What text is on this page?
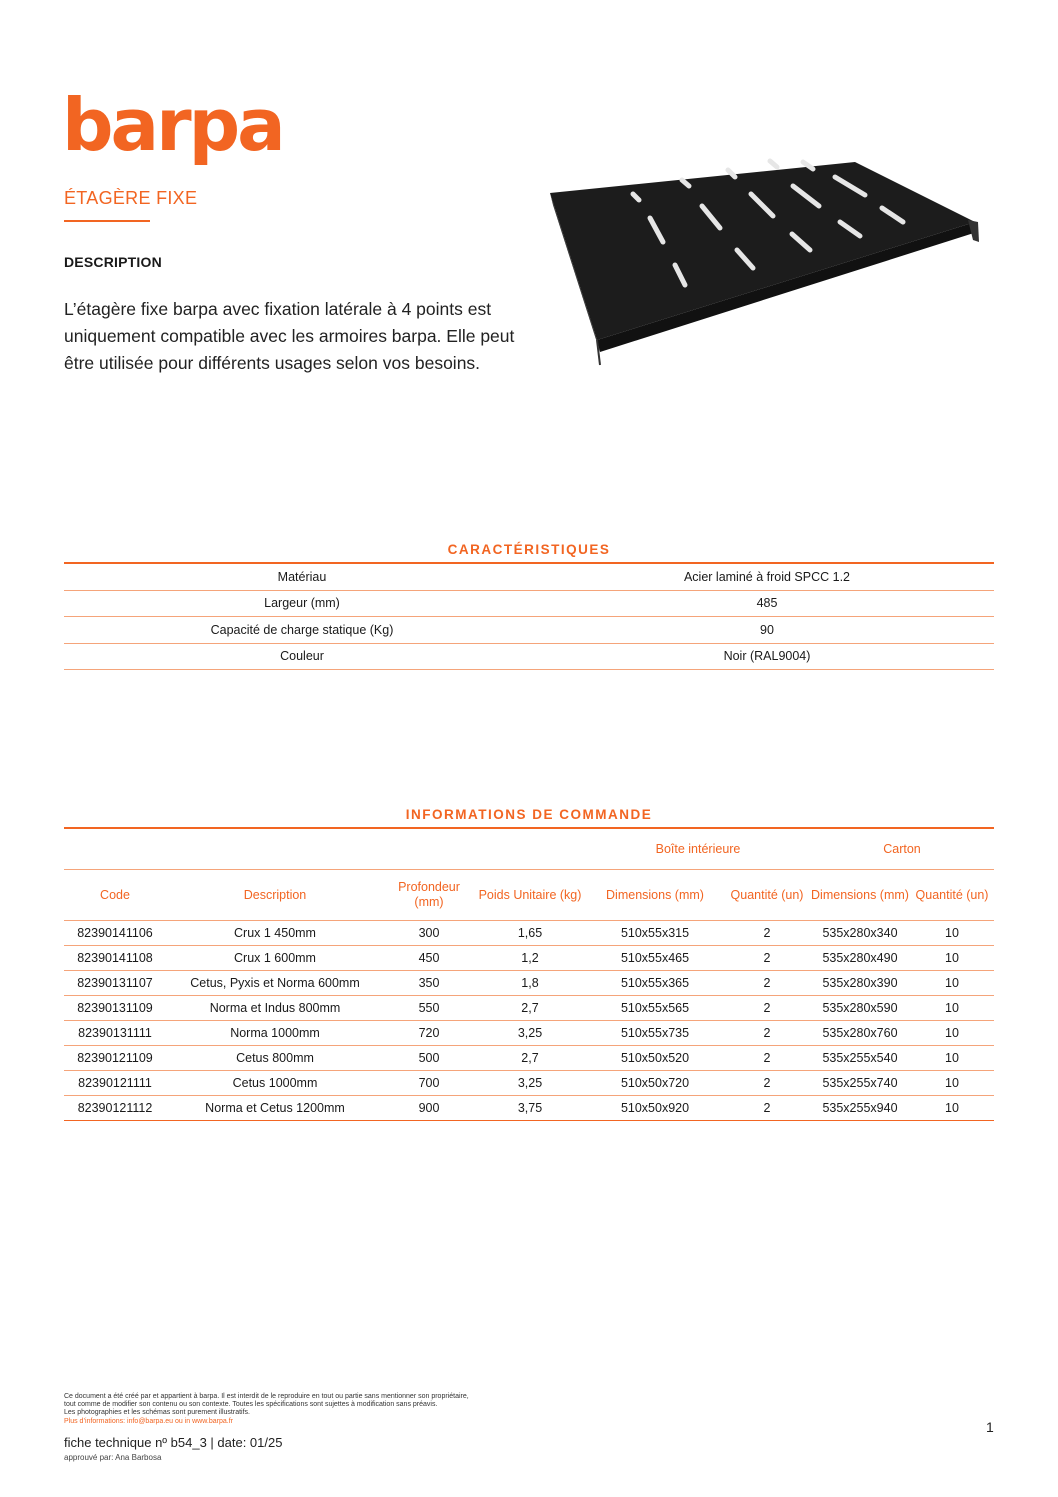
barpa
ÉTAGÈRE FIXE
DESCRIPTION
L’étagère fixe barpa avec fixation latérale à 4 points est uniquement compatible avec les armoires barpa. Elle peut être utilisée pour différents usages selon vos besoins.
CARACTÉRISTIQUES
Matériau	Acier laminé à froid SPCC 1.2
Largeur (mm)	485
Capacité de charge statique (Kg)	90
Couleur	Noir (RAL9004)
INFORMATIONS DE COMMANDE
				Boîte intérieure		Carton	
Code	Description	Profondeur (mm)	Poids Unitaire (kg)	Dimensions (mm)	Quantité (un)	Dimensions (mm)	Quantité (un)
82390141106	Crux 1 450mm	300	1,65	510x55x315	2	535x280x340	10
82390141108	Crux 1 600mm	450	1,2	510x55x465	2	535x280x490	10
82390131107	Cetus, Pyxis et Norma 600mm	350	1,8	510x55x365	2	535x280x390	10
82390131109	Norma et Indus 800mm	550	2,7	510x55x565	2	535x280x590	10
82390131111	Norma 1000mm	720	3,25	510x55x735	2	535x280x760	10
82390121109	Cetus 800mm	500	2,7	510x50x520	2	535x255x540	10
82390121111	Cetus 1000mm	700	3,25	510x50x720	2	535x255x740	10
82390121112	Norma et Cetus 1200mm	900	3,75	510x50x920	2	535x255x940	10
Ce document a été créé par et appartient à barpa. Il est interdit de le reproduire en tout ou partie sans mentionner son propriétaire,
tout comme de modifier son contenu ou son contexte. Toutes les spécifications sont sujettes à modification sans préavis.
Les photographies et les schémas sont purement illustratifs.
Plus d’informations: info@barpa.eu ou in www.barpa.fr
fiche technique nº b54_3 | date: 01/25
approuvé par: Ana Barbosa
1
